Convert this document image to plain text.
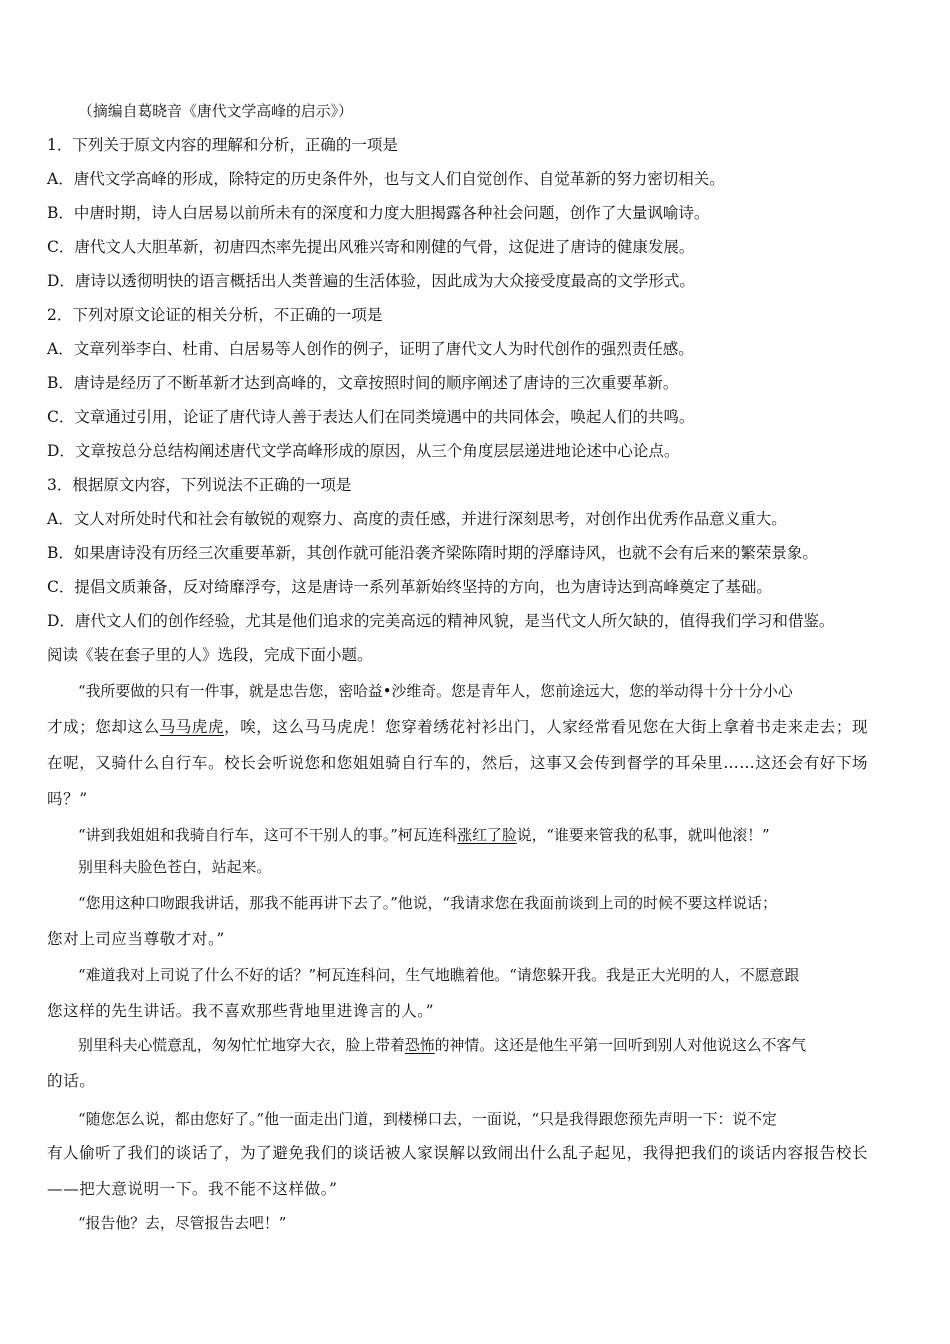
（摘编自葛晓音《唐代文学高峰的启示》）
1．下列关于原文内容的理解和分析，正确的一项是
A．唐代文学高峰的形成，除特定的历史条件外，也与文人们自觉创作、自觉革新的努力密切相关。
B．中唐时期，诗人白居易以前所未有的深度和力度大胆揭露各种社会问题，创作了大量讽喻诗。
C．唐代文人大胆革新，初唐四杰率先提出风雅兴寄和刚健的气骨，这促进了唐诗的健康发展。
D．唐诗以透彻明快的语言概括出人类普遍的生活体验，因此成为大众接受度最高的文学形式。
2．下列对原文论证的相关分析，不正确的一项是
A．文章列举李白、杜甫、白居易等人创作的例子，证明了唐代文人为时代创作的强烈责任感。
B．唐诗是经历了不断革新才达到高峰的，文章按照时间的顺序阐述了唐诗的三次重要革新。
C．文章通过引用，论证了唐代诗人善于表达人们在同类境遇中的共同体会，唤起人们的共鸣。
D．文章按总分总结构阐述唐代文学高峰形成的原因，从三个角度层层递进地论述中心论点。
3．根据原文内容，下列说法不正确的一项是
A．文人对所处时代和社会有敏锐的观察力、高度的责任感，并进行深刻思考，对创作出优秀作品意义重大。
B．如果唐诗没有历经三次重要革新，其创作就可能沿袭齐梁陈隋时期的浮靡诗风，也就不会有后来的繁荣景象。
C．提倡文质兼备，反对绮靡浮夸，这是唐诗一系列革新始终坚持的方向，也为唐诗达到高峰奠定了基础。
D．唐代文人们的创作经验，尤其是他们追求的完美高远的精神风貌，是当代文人所欠缺的，值得我们学习和借鉴。
阅读《装在套子里的人》选段，完成下面小题。
“我所要做的只有一件事，就是忠告您，密哈益•沙维奇。您是青年人，您前途远大，您的举动得十分十分小心
才成；您却这么马马虎虎，唉，这么马马虎虎！您穿着绣花衬衫出门，人家经常看见您在大街上拿着书走来走去；现
在呢，又骑什么自行车。校长会听说您和您姐姐骑自行车的，然后，这事又会传到督学的耳朵里……这还会有好下场
吗？”
“讲到我姐姐和我骑自行车，这可不干别人的事。”柯瓦连科涨红了脸说，“谁要来管我的私事，就叫他滚！”
别里科夫脸色苍白，站起来。
“您用这种口吻跟我讲话，那我不能再讲下去了。”他说，“我请求您在我面前谈到上司的时候不要这样说话；
您对上司应当尊敬才对。”
“难道我对上司说了什么不好的话？”柯瓦连科问，生气地瞧着他。“请您躲开我。我是正大光明的人，不愿意跟
您这样的先生讲话。我不喜欢那些背地里进谗言的人。”
别里科夫心慌意乱，匆匆忙忙地穿大衣，脸上带着恐怖的神情。这还是他生平第一回听到别人对他说这么不客气
的话。
“随您怎么说，都由您好了。”他一面走出门道，到楼梯口去，一面说，“只是我得跟您预先声明一下：说不定
有人偷听了我们的谈话了，为了避免我们的谈话被人家误解以致闹出什么乱子起见，我得把我们的谈话内容报告校长
——把大意说明一下。我不能不这样做。”
“报告他？去，尽管报告去吧！”
